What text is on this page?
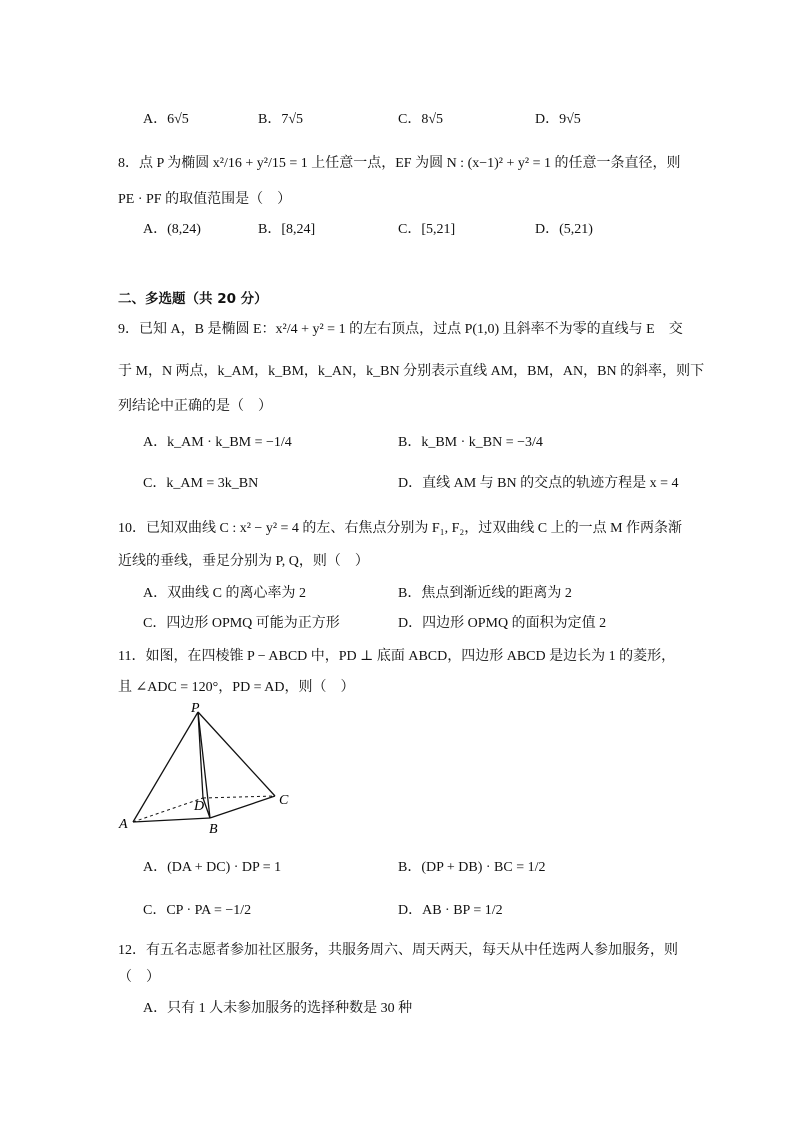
A．6√5	B．7√5	C．8√5	D．9√5
8．点 P 为椭圆 x²/16 + y²/15 = 1 上任意一点，EF 为圆 N : (x−1)² + y² = 1 的任意一条直径，则
PE · PF 的取值范围是（　）
A．(8,24)	B．[8,24]	C．[5,21]	D．(5,21)
二、多选题（共 20 分）
9．已知 A，B 是椭圆 E：x²/4 + y² = 1 的左右顶点，过点 P(1,0) 且斜率不为零的直线与 E　交
于 M，N 两点，k_AM，k_BM，k_AN，k_BN 分别表示直线 AM，BM，AN，BN 的斜率，则下
列结论中正确的是（　）
A．k_AM · k_BM = −1/4	B．k_BM · k_BN = −3/4
C．k_AM = 3k_BN	D．直线 AM 与 BN 的交点的轨迹方程是 x = 4
10．已知双曲线 C : x² − y² = 4 的左、右焦点分别为 F₁, F₂，过双曲线 C 上的一点 M 作两条渐
近线的垂线，垂足分别为 P, Q，则（　）
A．双曲线 C 的离心率为 2	B．焦点到渐近线的距离为 2
C．四边形 OPMQ 可能为正方形	D．四边形 OPMQ 的面积为定值 2
11．如图，在四棱锥 P − ABCD 中，PD ⊥ 底面 ABCD，四边形 ABCD 是边长为 1 的菱形，
且 ∠ADC = 120°，PD = AD，则（　）
P
A	B
C
D
A．(DA + DC) · DP = 1	B．(DP + DB) · BC = 1/2
C．CP · PA = −1/2	D．AB · BP = 1/2
12．有五名志愿者参加社区服务，共服务周六、周天两天，每天从中任选两人参加服务，则
（　）
A．只有 1 人未参加服务的选择种数是 30 种
